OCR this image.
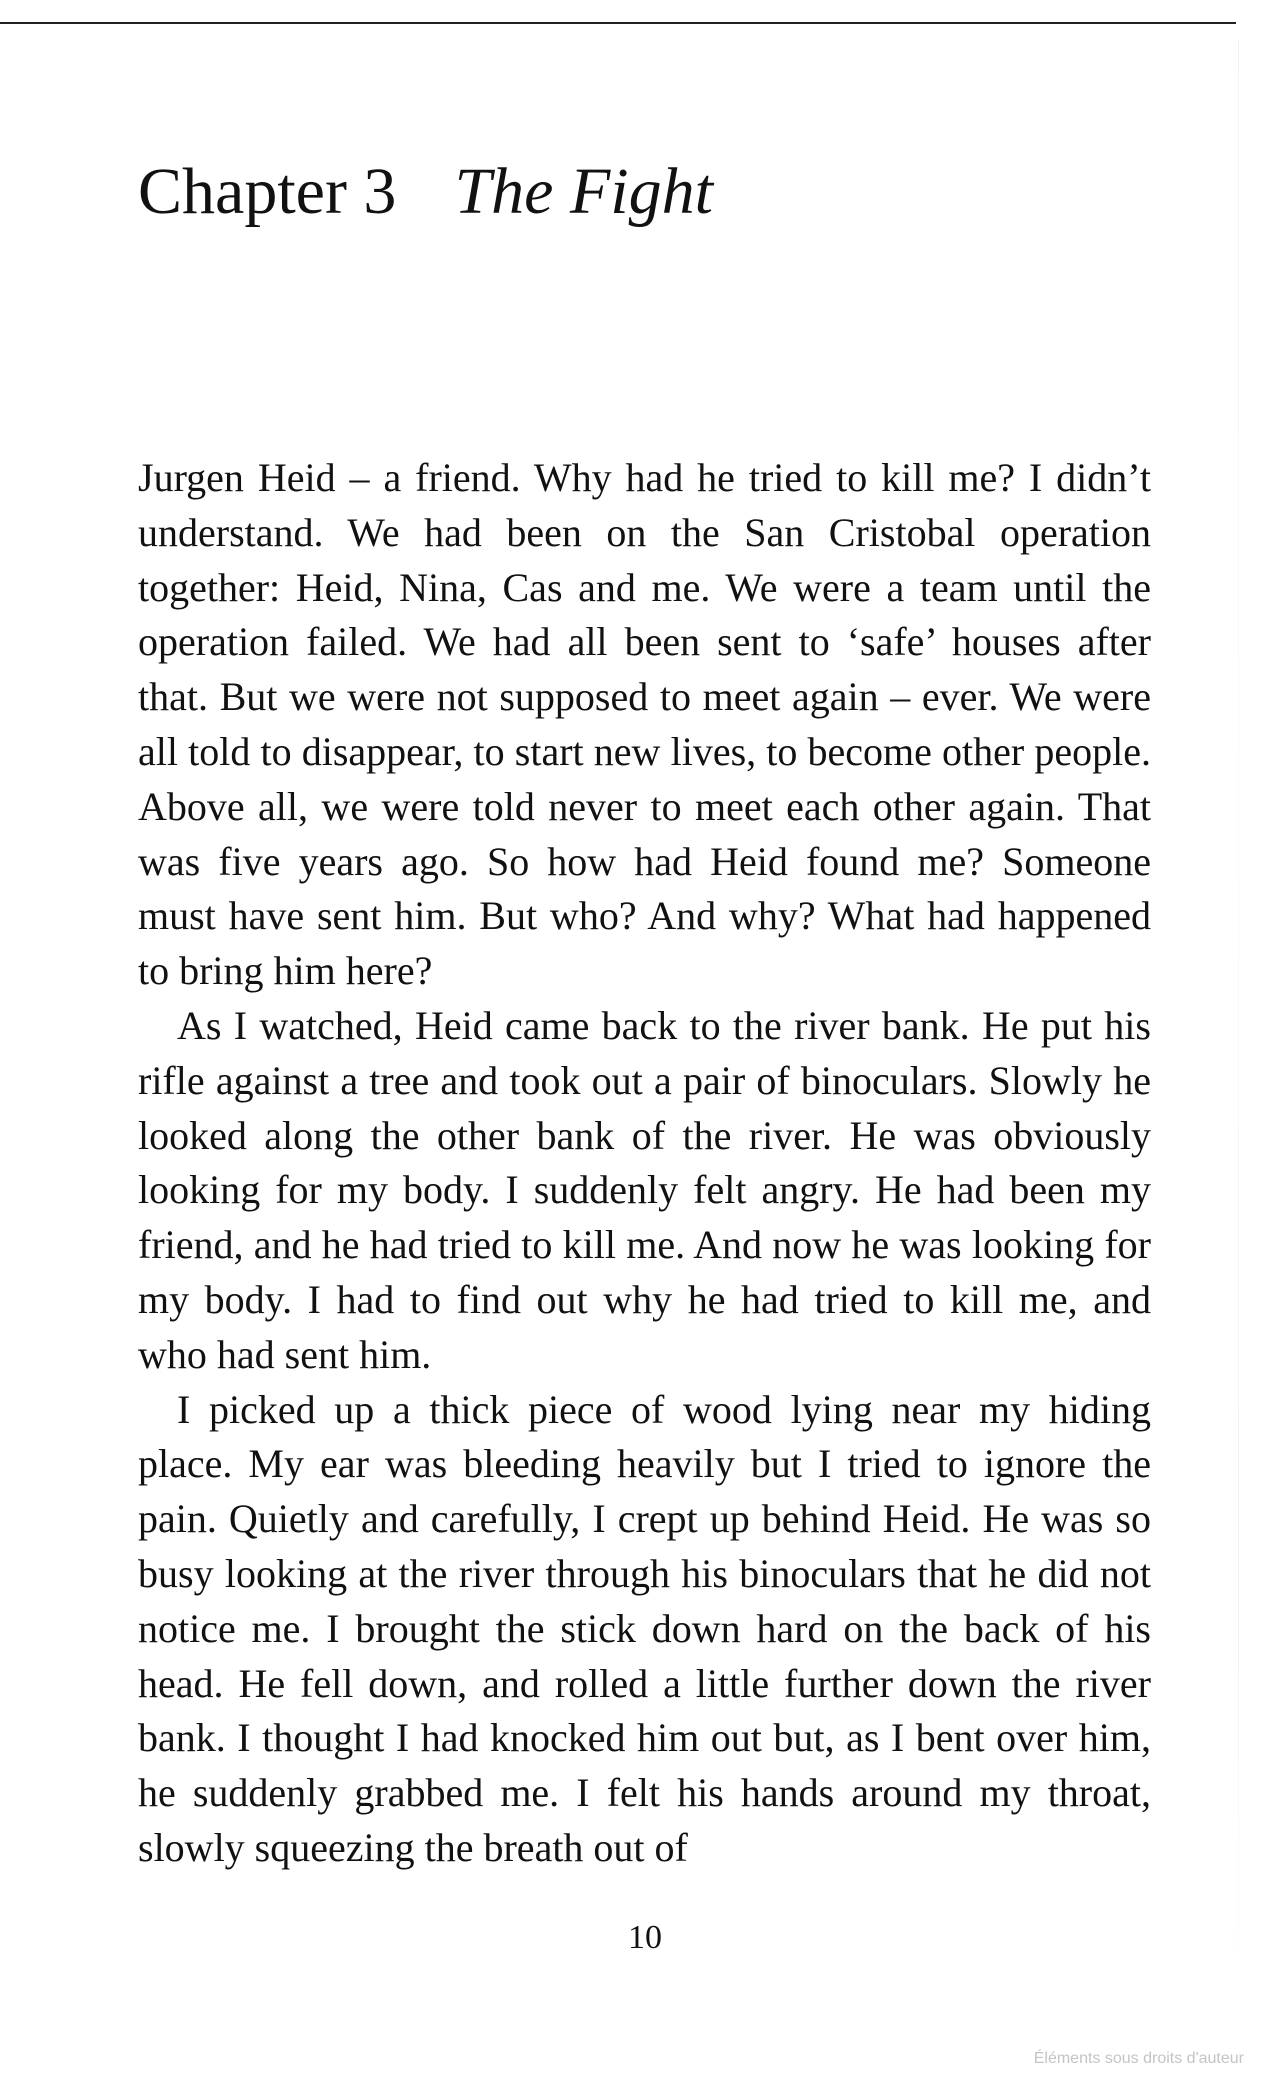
Chapter 3 The Fight

Jurgen Heid – a friend. Why had he tried to kill me? I didn’t understand. We had been on the San Cristobal operation together: Heid, Nina, Cas and me. We were a team until the operation failed. We had all been sent to ‘safe’ houses after that. But we were not supposed to meet again – ever. We were all told to disappear, to start new lives, to become other people. Above all, we were told never to meet each other again. That was five years ago. So how had Heid found me? Someone must have sent him. But who? And why? What had happened to bring him here?

As I watched, Heid came back to the river bank. He put his rifle against a tree and took out a pair of binoculars. Slowly he looked along the other bank of the river. He was obviously looking for my body. I suddenly felt angry. He had been my friend, and he had tried to kill me. And now he was looking for my body. I had to find out why he had tried to kill me, and who had sent him.

I picked up a thick piece of wood lying near my hiding place. My ear was bleeding heavily but I tried to ignore the pain. Quietly and carefully, I crept up behind Heid. He was so busy looking at the river through his binoculars that he did not notice me. I brought the stick down hard on the back of his head. He fell down, and rolled a little further down the river bank. I thought I had knocked him out but, as I bent over him, he suddenly grabbed me. I felt his hands around my throat, slowly squeezing the breath out of

10
Éléments sous droits d'auteur
